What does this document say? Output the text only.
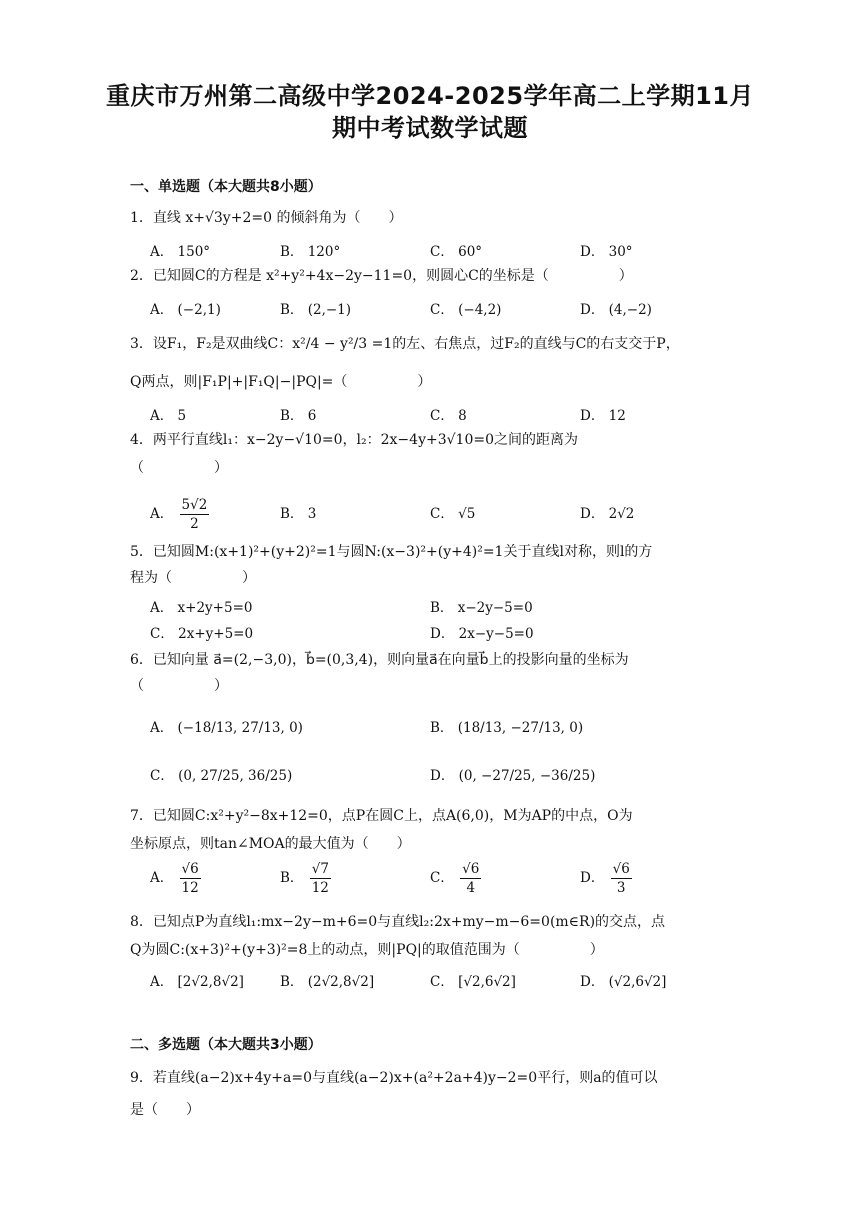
重庆市万州第二高级中学2024-2025学年高二上学期11月
期中考试数学试题
一、单选题（本大题共8小题）
1．直线 x+√3y+2=0 的倾斜角为（　　）
A． 150°	B． 120°	C． 60°	D． 30°
2．已知圆C的方程是 x²+y²+4x−2y−11=0，则圆心C的坐标是（　　　　　）
A． (−2,1)	B． (2,−1)	C． (−4,2)	D． (4,−2)
3．设F₁，F₂是双曲线C：x²/4 − y²/3 =1的左、右焦点，过F₂的直线与C的右支交于P，
Q两点，则|F₁P|+|F₁Q|−|PQ|=（　　　　　）
A． 5	B． 6	C． 8	D． 12
4．两平行直线l₁：x−2y−√10=0，l₂：2x−4y+3√10=0之间的距离为
（　　　　　）
A． $\frac{5√2}{2}$	B． 3	C． √5	D． 2√2
5．已知圆M:(x+1)²+(y+2)²=1与圆N:(x−3)²+(y+4)²=1关于直线l对称，则l的方
程为（　　　　　）
A． x+2y+5=0	B． x−2y−5=0
C． 2x+y+5=0	D． 2x−y−5=0
6．已知向量 a⃗=(2,−3,0)，b⃗=(0,3,4)，则向量a⃗在向量b⃗上的投影向量的坐标为
（　　　　　）
A． (−18/13, 27/13, 0)	B． (18/13, −27/13, 0)
C． (0, 27/25, 36/25)	D． (0, −27/25, −36/25)
7．已知圆C:x²+y²−8x+12=0，点P在圆C上，点A(6,0)，M为AP的中点，O为
坐标原点，则tan∠MOA的最大值为（　　）
A． $\frac{√6}{12}$	B． $\frac{√7}{12}$	C． $\frac{√6}{4}$	D． $\frac{√6}{3}$
8．已知点P为直线l₁:mx−2y−m+6=0与直线l₂:2x+my−m−6=0(m∈R)的交点，点
Q为圆C:(x+3)²+(y+3)²=8上的动点，则|PQ|的取值范围为（　　　　　）
A． [2√2,8√2]	B． (2√2,8√2]	C． [√2,6√2]	D． (√2,6√2]
二、多选题（本大题共3小题）
9．若直线(a−2)x+4y+a=0与直线(a−2)x+(a²+2a+4)y−2=0平行，则a的值可以
是（　　）
